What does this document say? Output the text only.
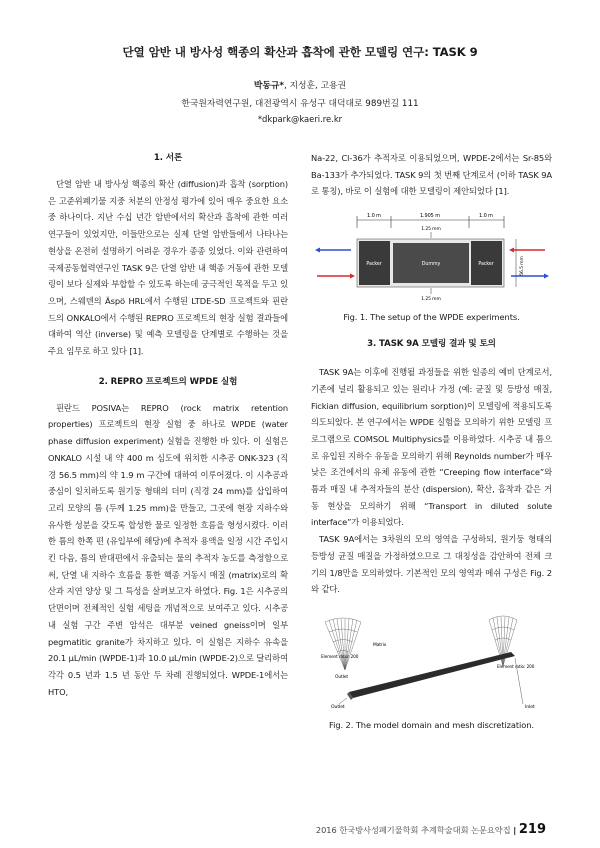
단열 암반 내 방사성 핵종의 확산과 흡착에 관한 모델링 연구: TASK 9
박동규*, 지성훈, 고용권
한국원자력연구원, 대전광역시 유성구 대덕대로 989번길 111
*dkpark@kaeri.re.kr
1. 서론

단열 암반 내 방사성 핵종의 확산 (diffusion)과 흡착 (sorption)은 고준위폐기물 지중 처분의 안정성 평가에 있어 매우 중요한 요소 중 하나이다. 지난 수십 년간 암반에서의 확산과 흡착에 관한 여러 연구들이 있었지만, 이들만으로는 실제 단열 암반들에서 나타나는 현상을 온전히 설명하기 어려운 경우가 종종 있었다. 이와 관련하여 국제공동협력연구인 TASK 9은 단열 암반 내 핵종 거동에 관한 모델링이 보다 실제와 부합할 수 있도록 하는데 궁극적인 목적을 두고 있으며, 스웨덴의 Äspö HRL에서 수행된 LTDE-SD 프로젝트와 핀란드의 ONKALO에서 수행된 REPRO 프로젝트의 현장 실험 결과들에 대하여 역산 (inverse) 및 예측 모델링을 단계별로 수행하는 것을 주요 임무로 하고 있다 [1].

2. REPRO 프로젝트의 WPDE 실험

핀란드 POSIVA는 REPRO (rock matrix retention properties) 프로젝트의 현장 실험 중 하나로 WPDE (water phase diffusion experiment) 실험을 진행한 바 있다. 이 실험은 ONKALO 시설 내 약 400 m 심도에 위치한 시추공 ONK-323 (직경 56.5 mm)의 약 1.9 m 구간에 대하여 이루어졌다. 이 시추공과 중심이 일치하도록 원기둥 형태의 더미 (직경 24 mm)를 삽입하여 고리 모양의 틈 (두께 1.25 mm)을 만들고, 그곳에 현장 지하수와 유사한 성분을 갖도록 합성한 물로 일정한 흐름을 형성시켰다. 이러한 틈의 한쪽 편 (유입부에 해당)에 추적자 용액을 일정 시간 주입시킨 다음, 틈의 반대편에서 유출되는 물의 추적자 농도를 측정함으로써, 단열 내 지하수 흐름을 통한 핵종 거동시 매질 (matrix)로의 확산과 지연 양상 및 그 특성을 살펴보고자 하였다. Fig. 1은 시추공의 단면이며 전체적인 실험 세팅을 개념적으로 보여주고 있다. 시추공 내 실험 구간 주변 암석은 대부분 veined gneiss이며 일부 pegmatitic granite가 차지하고 있다. 이 실험은 지하수 유속을 20.1 μL/min (WPDE-1)과 10.0 μL/min (WPDE-2)으로 달리하여 각각 0.5 년과 1.5 년 동안 두 차례 진행되었다. WPDE-1에서는 HTO,

Na-22, Cl-36가 추적자로 이용되었으며, WPDE-2에서는 Sr-85와 Ba-133가 추가되었다. TASK 9의 첫 번째 단계로서 (이하 TASK 9A로 통칭), 바로 이 실험에 대한 모델링이 제안되었다 [1].

1.0 m	1.905 m	1.0 m
1.25 mm
Packer	Dummy	Packer	56.5 mm
1.25 mm
Fig. 1. The setup of the WPDE experiments.
3. TASK 9A 모델링 결과 및 토의

TASK 9A는 이후에 진행될 과정들을 위한 일종의 예비 단계로서, 기존에 널리 활용되고 있는 원리나 가정 (예: 균질 및 등방성 매질, Fickian diffusion, equilibrium sorption)이 모델링에 적용되도록 의도되었다. 본 연구에서는 WPDE 실험을 모의하기 위한 모델링 프로그램으로 COMSOL Multiphysics를 이용하였다. 시추공 내 틈으로 유입된 지하수 유동을 모의하기 위해 Reynolds number가 매우 낮은 조건에서의 유체 유동에 관한 “Creeping flow interface”와 틈과 매질 내 추적자들의 분산 (dispersion), 확산, 흡착과 같은 거동 현상을 모의하기 위해 “Transport in diluted solute interface”가 이용되었다.

TASK 9A에서는 3차원의 모의 영역을 구성하되, 원기둥 형태의 등방성 균질 매질을 가정하였으므로 그 대칭성을 감안하여 전체 크기의 1/8만을 모의하였다. 기본적인 모의 영역과 메쉬 구성은 Fig. 2와 같다.

Element ratio: 200
Element ratio: 200
Matrix
Outlet
Outlet	Inlet
Fig. 2. The model domain and mesh discretization.
2016 한국방사성폐기물학회 추계학술대회 논문요약집 | 219
